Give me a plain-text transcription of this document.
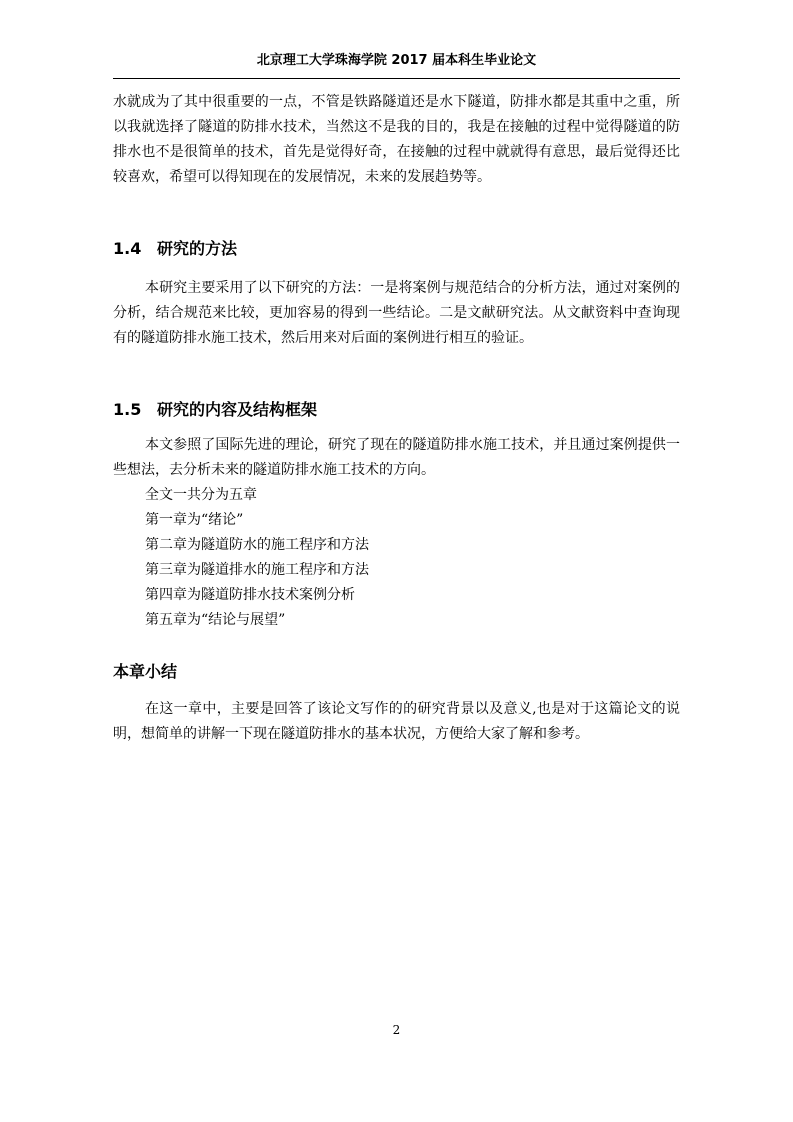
北京理工大学珠海学院 2017 届本科生毕业论文

水就成为了其中很重要的一点，不管是铁路隧道还是水下隧道，防排水都是其重中之重，所以我就选择了隧道的防排水技术，当然这不是我的目的，我是在接触的过程中觉得隧道的防排水也不是很简单的技术，首先是觉得好奇，在接触的过程中就就得有意思，最后觉得还比较喜欢，希望可以得知现在的发展情况，未来的发展趋势等。

1.4 研究的方法

本研究主要采用了以下研究的方法：一是将案例与规范结合的分析方法，通过对案例的分析，结合规范来比较，更加容易的得到一些结论。二是文献研究法。从文献资料中查询现有的隧道防排水施工技术，然后用来对后面的案例进行相互的验证。

1.5 研究的内容及结构框架

本文参照了国际先进的理论，研究了现在的隧道防排水施工技术，并且通过案例提供一些想法，去分析未来的隧道防排水施工技术的方向。

全文一共分为五章

第一章为“绪论”

第二章为隧道防水的施工程序和方法

第三章为隧道排水的施工程序和方法

第四章为隧道防排水技术案例分析

第五章为“结论与展望”

本章小结

在这一章中，主要是回答了该论文写作的的研究背景以及意义,也是对于这篇论文的说明，想简单的讲解一下现在隧道防排水的基本状况，方便给大家了解和参考。

2
